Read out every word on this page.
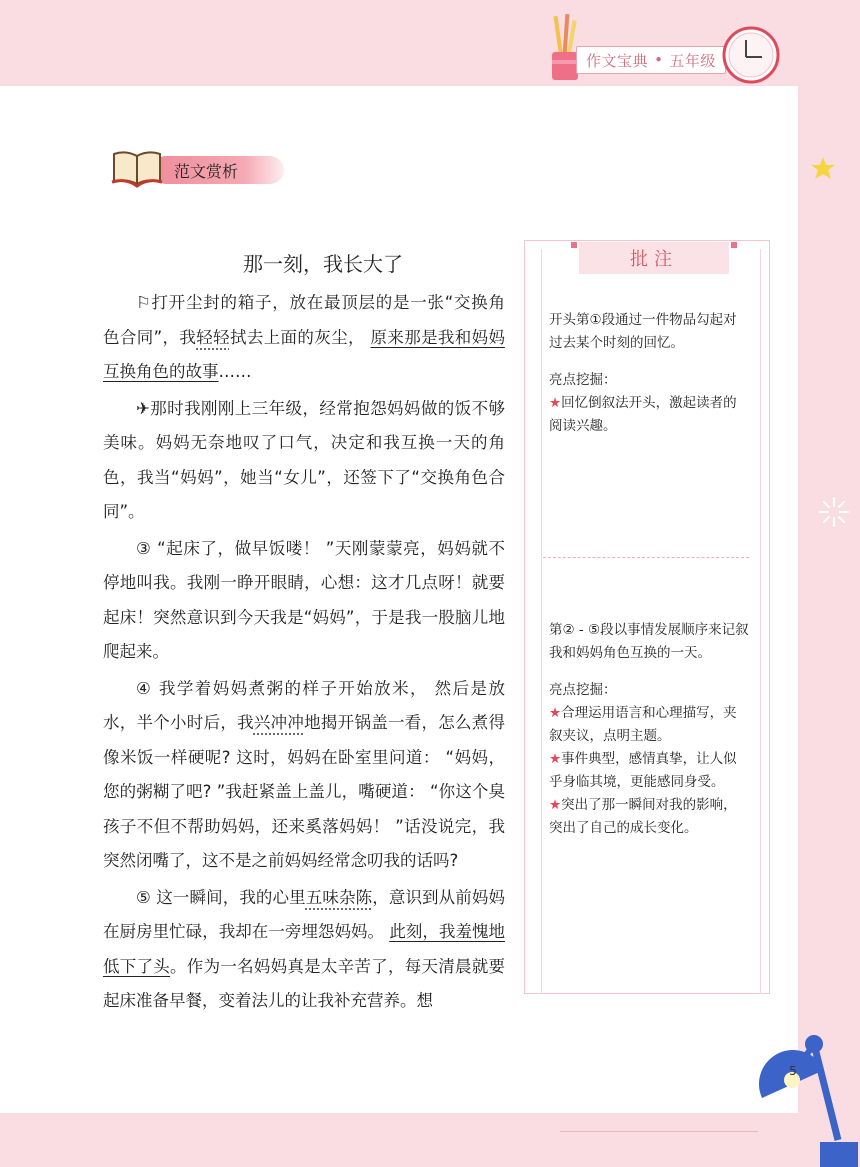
作文宝典 • 五年级
范文赏析
那一刻，我长大了

⚐打开尘封的箱子，放在最顶层的是一张“交换角色合同”，我轻轻拭去上面的灰尘， 原来那是我和妈妈互换角色的故事……

✈那时我刚刚上三年级，经常抱怨妈妈做的饭不够美味。妈妈无奈地叹了口气，决定和我互换一天的角色，我当“妈妈”，她当“女儿”，还签下了“交换角色合同”。

③ “起床了，做早饭喽！ ”天刚蒙蒙亮，妈妈就不停地叫我。我刚一睁开眼睛，心想：这才几点呀！就要起床！突然意识到今天我是“妈妈”，于是我一股脑儿地爬起来。

④ 我学着妈妈煮粥的样子开始放米， 然后是放水，半个小时后，我兴冲冲地揭开锅盖一看，怎么煮得像米饭一样硬呢? 这时，妈妈在卧室里问道： “妈妈，您的粥糊了吧? ”我赶紧盖上盖儿，嘴硬道： “你这个臭孩子不但不帮助妈妈，还来奚落妈妈！ ”话没说完，我突然闭嘴了，这不是之前妈妈经常念叨我的话吗?

⑤ 这一瞬间，我的心里五味杂陈，意识到从前妈妈在厨房里忙碌，我却在一旁埋怨妈妈。 此刻，我羞愧地低下了头。作为一名妈妈真是太辛苦了，每天清晨就要起床准备早餐，变着法儿的让我补充营养。想

批注
开头第①段通过一件物品勾起对过去某个时刻的回忆。
亮点挖掘：
★回忆倒叙法开头，激起读者的阅读兴趣。
第② - ⑤段以事情发展顺序来记叙我和妈妈角色互换的一天。
亮点挖掘：
★合理运用语言和心理描写，夹叙夹议，点明主题。
★事件典型，感情真挚，让人似乎身临其境，更能感同身受。
★突出了那一瞬间对我的影响，突出了自己的成长变化。
5
